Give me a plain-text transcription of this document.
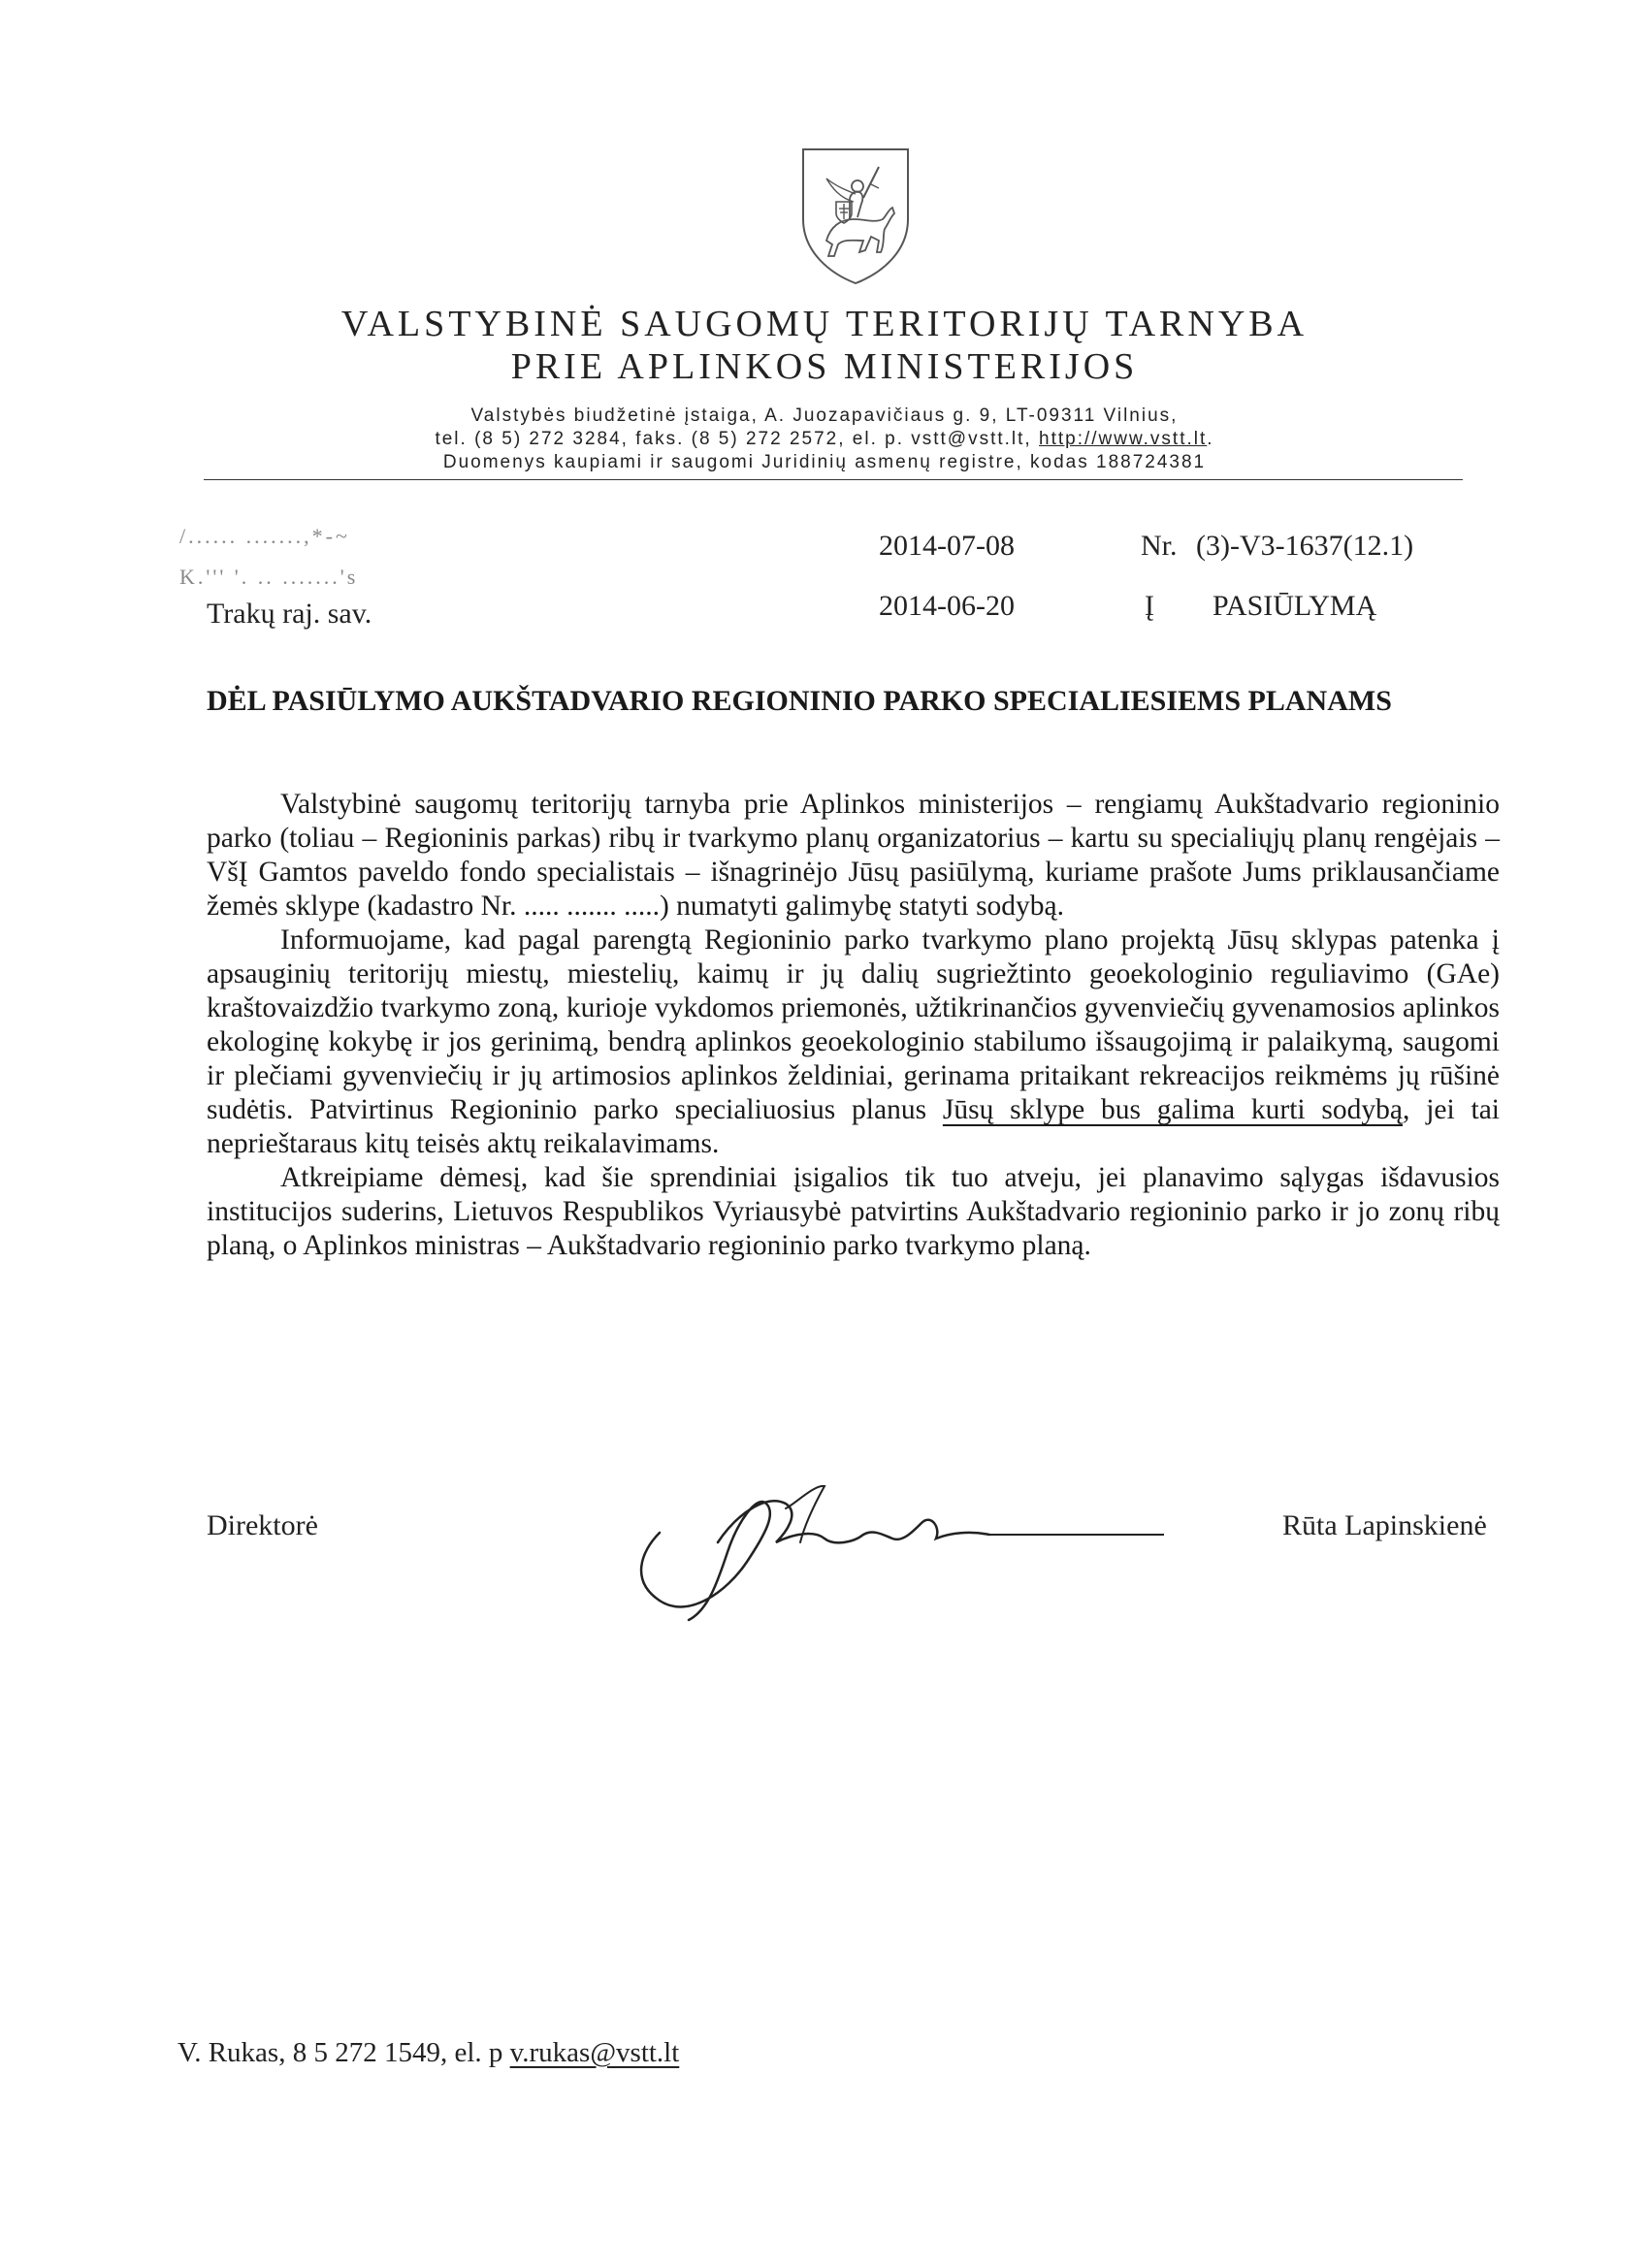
VALSTYBINĖ SAUGOMŲ TERITORIJŲ TARNYBA
PRIE APLINKOS MINISTERIJOS
Valstybės biudžetinė įstaiga, A. Juozapavičiaus g. 9, LT-09311 Vilnius,
tel. (8 5) 272 3284, faks. (8 5) 272 2572, el. p. vstt@vstt.lt, http://www.vstt.lt.
Duomenys kaupiami ir saugomi Juridinių asmenų registre, kodas 188724381
/...... .......,*-~
K.''' '. .. .......'s
Trakų raj. sav.
2014-07-08	Nr. (3)-V3-1637(12.1)
2014-06-20	Į PASIŪLYMĄ
DĖL PASIŪLYMO AUKŠTADVARIO REGIONINIO PARKO SPECIALIESIEMS PLANAMS

Valstybinė saugomų teritorijų tarnyba prie Aplinkos ministerijos – rengiamų Aukštadvario regioninio parko (toliau – Regioninis parkas) ribų ir tvarkymo planų organizatorius – kartu su specialiųjų planų rengėjais – VšĮ Gamtos paveldo fondo specialistais – išnagrinėjo Jūsų pasiūlymą, kuriame prašote Jums priklausančiame žemės sklype (kadastro Nr. ..... ....... .....) numatyti galimybę statyti sodybą.

Informuojame, kad pagal parengtą Regioninio parko tvarkymo plano projektą Jūsų sklypas patenka į apsauginių teritorijų miestų, miestelių, kaimų ir jų dalių sugriežtinto geoekologinio reguliavimo (GAe) kraštovaizdžio tvarkymo zoną, kurioje vykdomos priemonės, užtikrinančios gyvenviečių gyvenamosios aplinkos ekologinę kokybę ir jos gerinimą, bendrą aplinkos geoekologinio stabilumo išsaugojimą ir palaikymą, saugomi ir plečiami gyvenviečių ir jų artimosios aplinkos želdiniai, gerinama pritaikant rekreacijos reikmėms jų rūšinė sudėtis. Patvirtinus Regioninio parko specialiuosius planus Jūsų sklype bus galima kurti sodybą, jei tai neprieštaraus kitų teisės aktų reikalavimams.

Atkreipiame dėmesį, kad šie sprendiniai įsigalios tik tuo atveju, jei planavimo sąlygas išdavusios institucijos suderins, Lietuvos Respublikos Vyriausybė patvirtins Aukštadvario regioninio parko ir jo zonų ribų planą, o Aplinkos ministras – Aukštadvario regioninio parko tvarkymo planą.

Direktorė	Rūta Lapinskienė
V. Rukas, 8 5 272 1549, el. p v.rukas@vstt.lt
